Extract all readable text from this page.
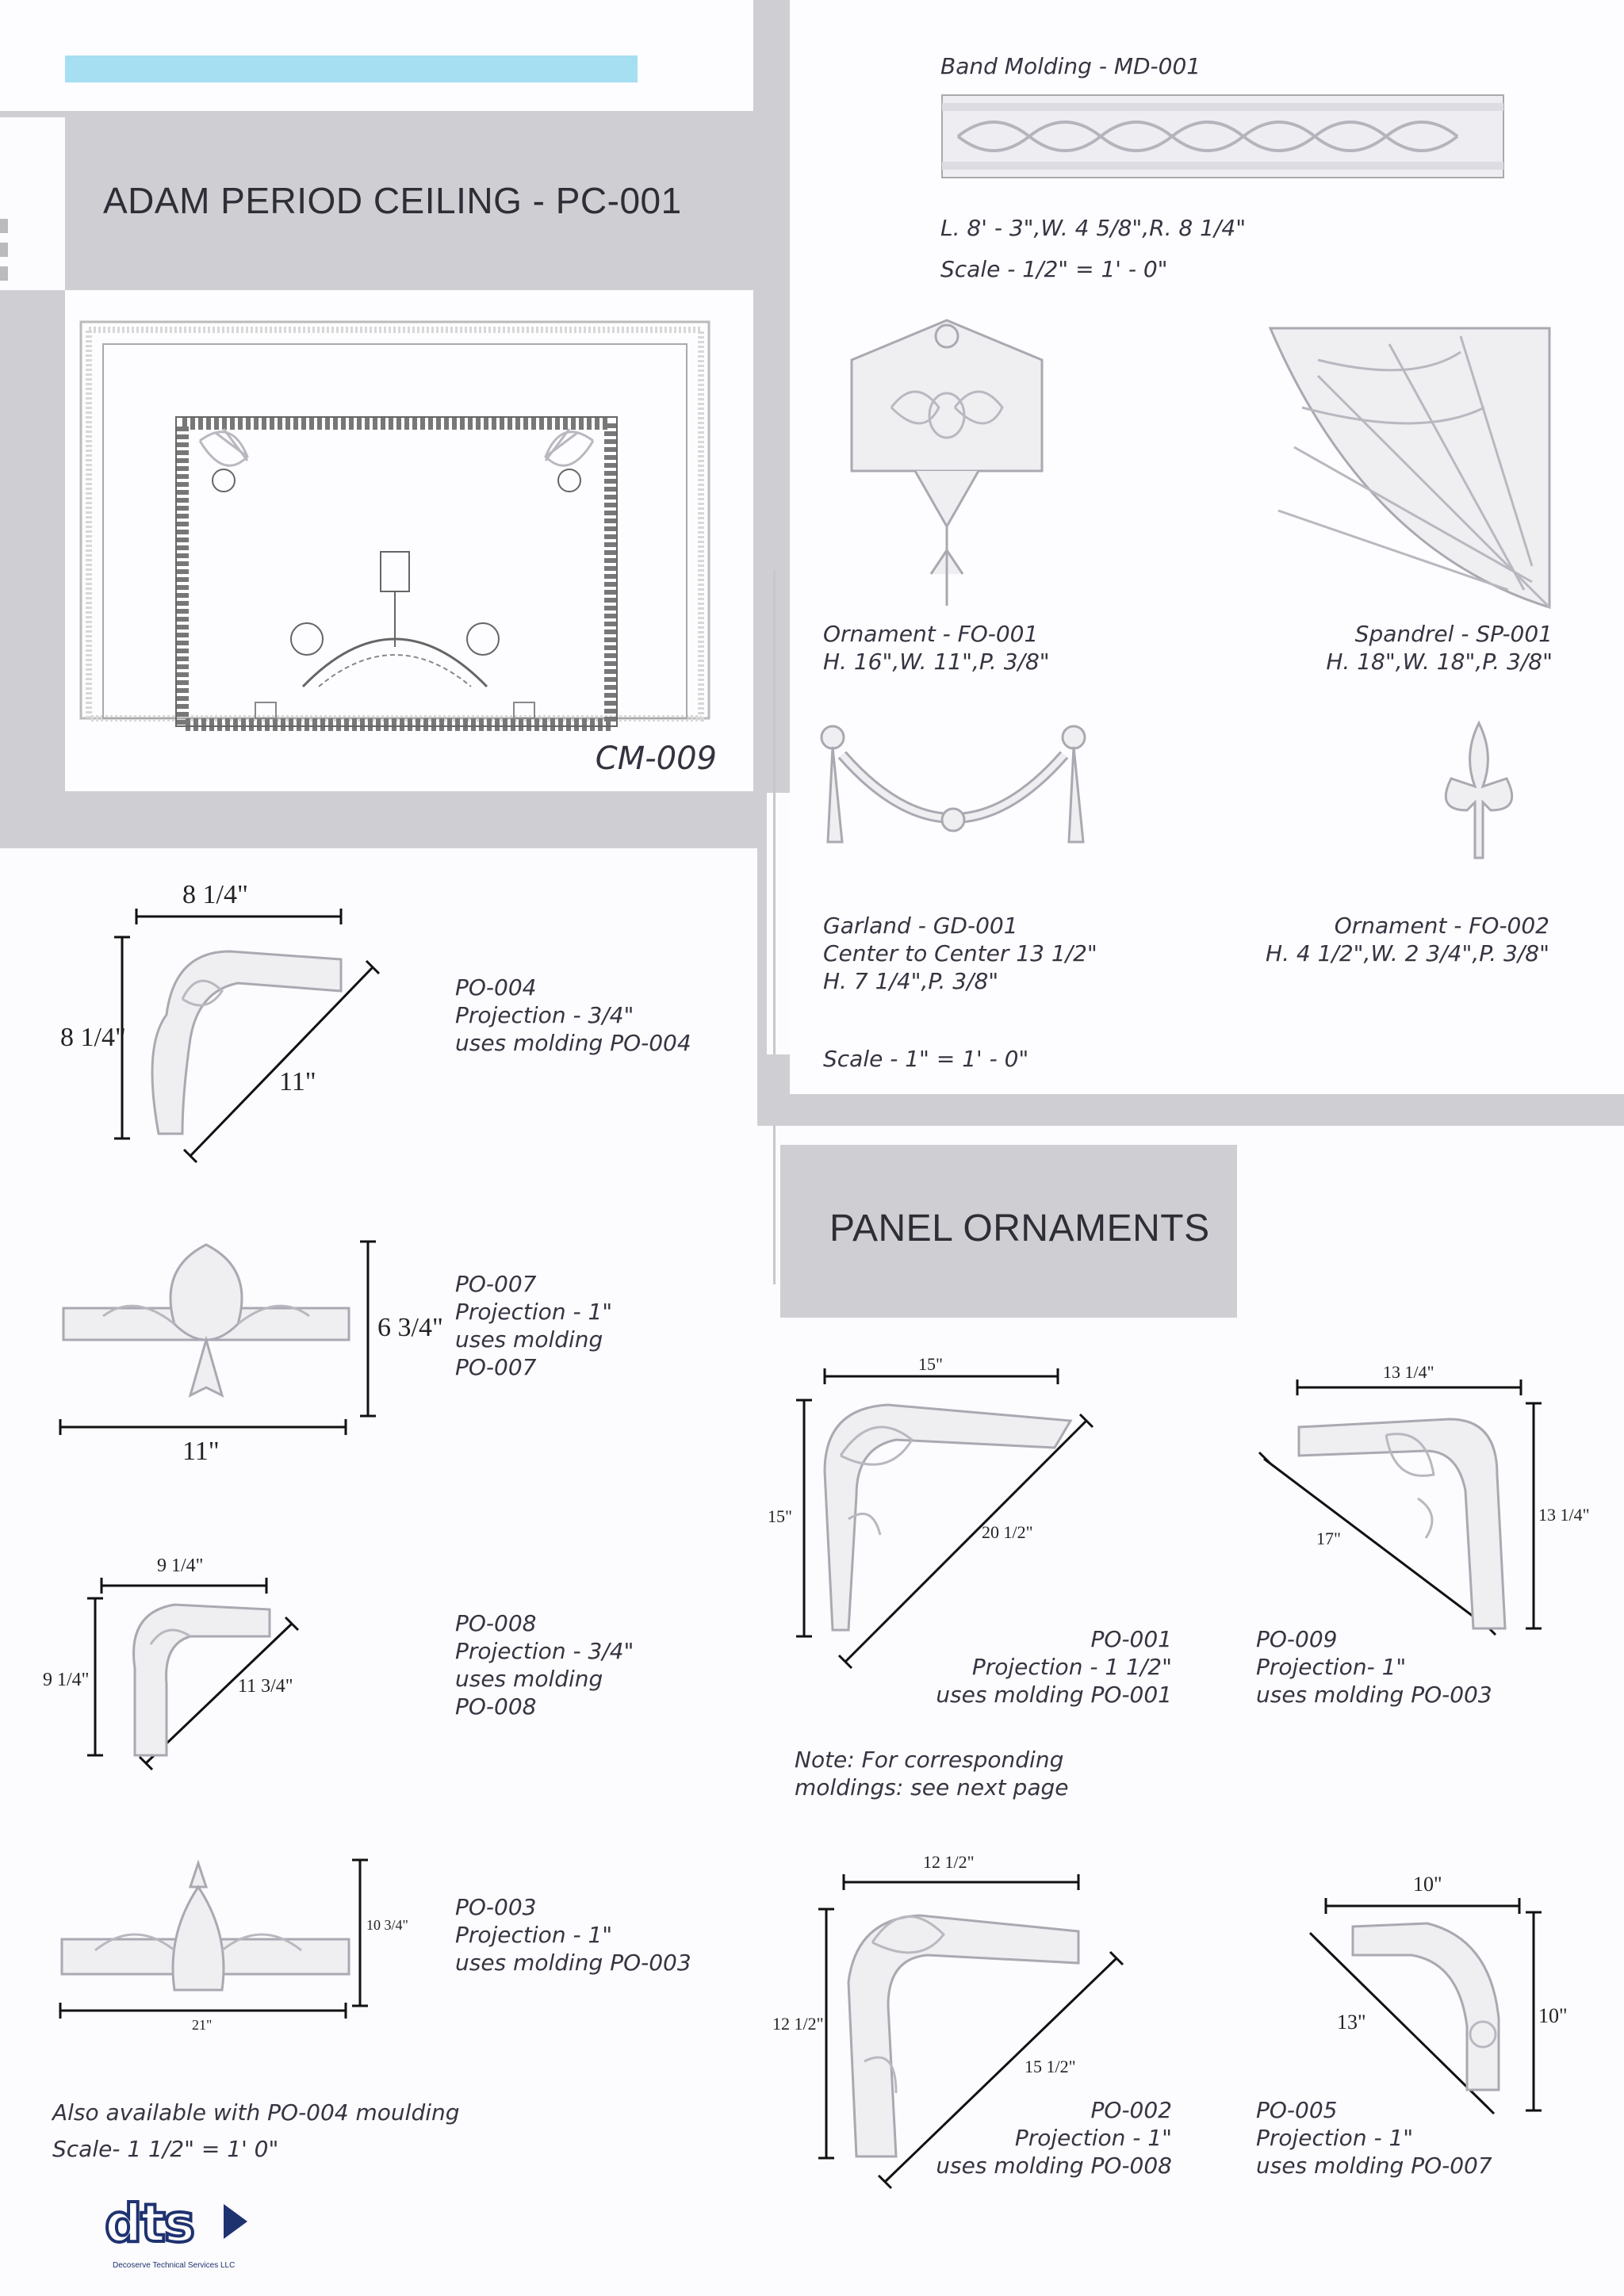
ADAM PERIOD CEILING - PC-001
CM-009
PANEL ORNAMENTS
Band Molding - MD-001
L. 8' - 3",W. 4 5/8",R. 8 1/4"
Scale - 1/2" = 1' - 0"
Ornament - FO-001
H. 16",W. 11",P. 3/8"
Spandrel - SP-001
H. 18",W. 18",P. 3/8"
Garland - GD-001
Center to Center 13 1/2"
H. 7 1/4",P. 3/8"
Ornament - FO-002
H. 4 1/2",W. 2 3/4",P. 3/8"
Scale - 1" = 1' - 0"
8 1/4"
8 1/4"
11"
PO-004
Projection - 3/4"
uses molding PO-004
6 3/4"
11"
PO-007
Projection - 1"
uses molding
PO-007
9 1/4"
9 1/4"	11 3/4"
PO-008
Projection - 3/4"
uses molding
PO-008
10 3/4"
21"
PO-003
Projection - 1"
uses molding PO-003
Also available with PO-004 moulding
Scale- 1 1/2" = 1' 0"
dts
Decoserve Technical Services LLC
15"
15"
20 1/2"
PO-001
Projection - 1 1/2"
uses molding PO-001
13 1/4"
13 1/4"
17"
PO-009
Projection- 1"
uses molding PO-003
Note: For corresponding
moldings: see next page
12 1/2"
12 1/2"
15 1/2"
PO-002
Projection - 1"
uses molding PO-008
10"
10"
13"
PO-005
Projection - 1"
uses molding PO-007
